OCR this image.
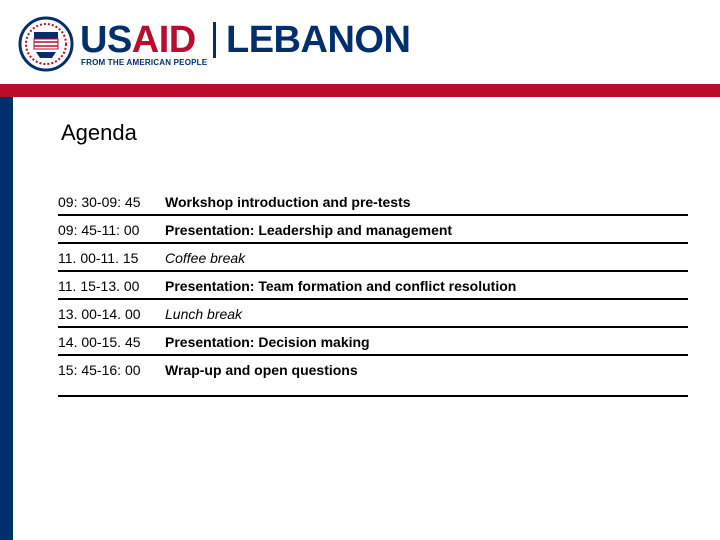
USAID LEBANON
FROM THE AMERICAN PEOPLE
Agenda
09: 30-09: 45 Workshop introduction and pre-tests
09: 45-11: 00 Presentation: Leadership and management
11. 00-11. 15 Coffee break
11. 15-13. 00 Presentation: Team formation and conflict resolution
13. 00-14. 00 Lunch break
14. 00-15. 45 Presentation: Decision making
15: 45-16: 00 Wrap-up and open questions
